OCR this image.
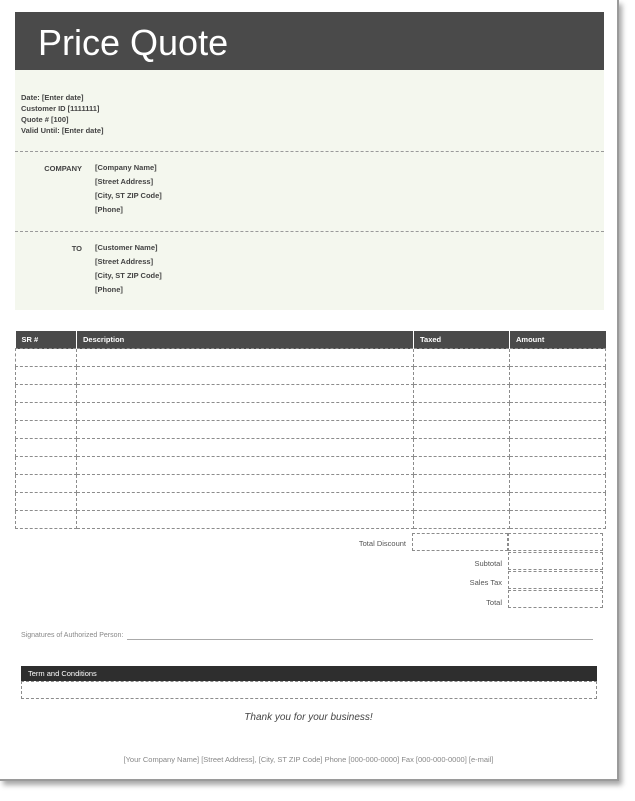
Price Quote
Date: [Enter date]
Customer ID [1111111]
Quote # [100]
Valid Until: [Enter date]
COMPANY [Company Name]
[Street Address]
[City, ST ZIP Code]
[Phone]
TO [Customer Name]
[Street Address]
[City, ST ZIP Code]
[Phone]
SR #	Description	Taxed	Amount

Total Discount
Subtotal
Sales Tax
Total
Signatures of Authorized Person:
Term and Conditions
Thank you for your business!
[Your Company Name] [Street Address], [City, ST ZIP Code] Phone [000-000-0000] Fax [000-000-0000] [e-mail]
